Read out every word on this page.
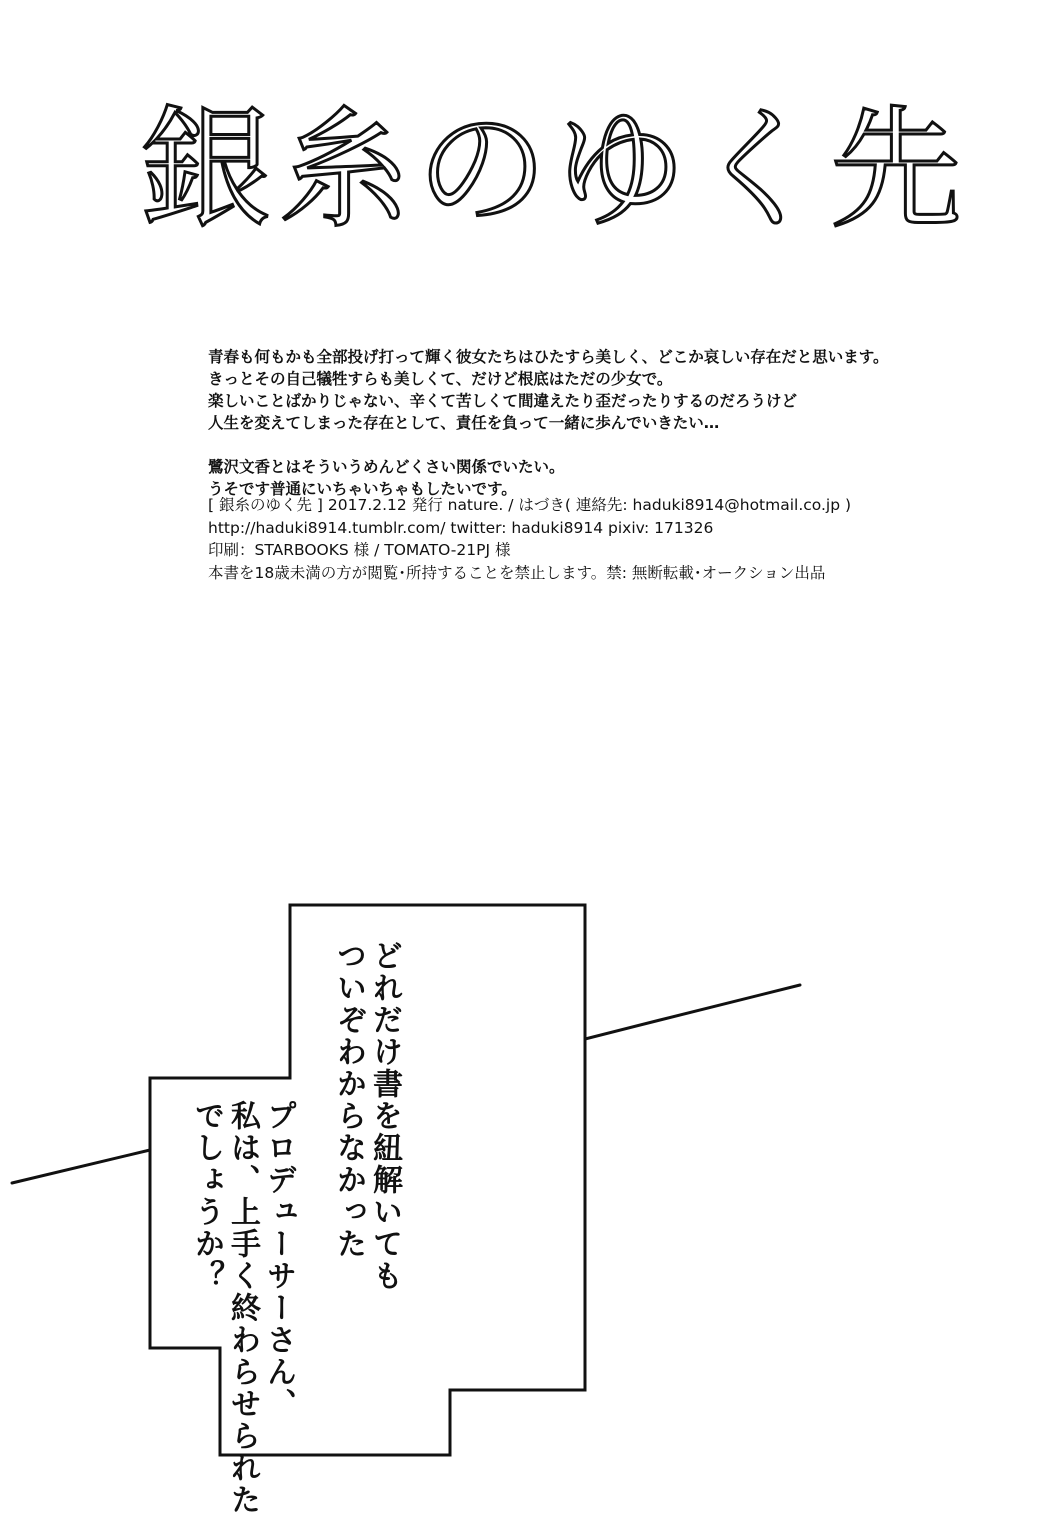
銀糸のゆく先

青春も何もかも全部投げ打って輝く彼女たちはひたすら美しく、どこか哀しい存在だと思います。

きっとその自己犠牲すらも美しくて、だけど根底はただの少女で。

楽しいことばかりじゃない、辛くて苦しくて間違えたり歪だったりするのだろうけど

人生を変えてしまった存在として、責任を負って一緒に歩んでいきたい…

鷺沢文香とはそういうめんどくさい関係でいたい。

うそです普通にいちゃいちゃもしたいです。

[ 銀糸のゆく先 ] 2017.2.12 発行 nature. / はづき( 連絡先: haduki8914@hotmail.co.jp )

http://haduki8914.tumblr.com/ twitter: haduki8914 pixiv: 171326

印刷：STARBOOKS 様 / TOMATO-21PJ 様

本書を18歳未満の方が閲覧･所持することを禁止します。禁: 無断転載･オークション出品

どれだけ書を紐解いても
ついぞわからなかった
プロデューサーさん、
私は、上手く終わらせられた
でしょうか？
